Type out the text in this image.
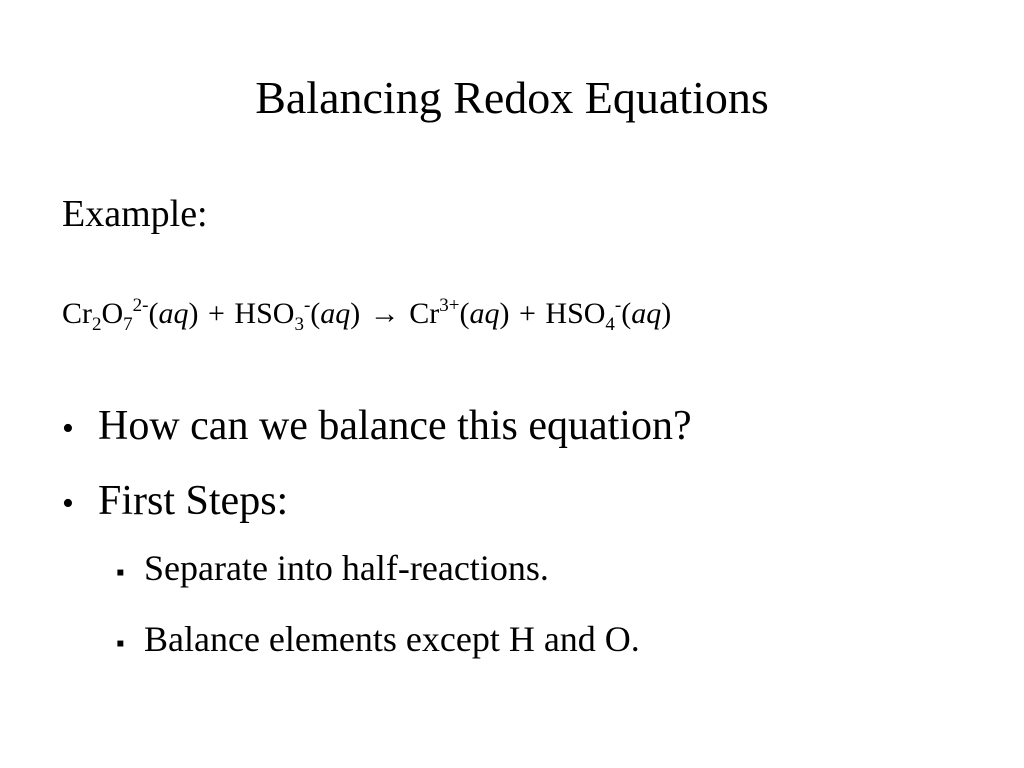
Balancing Redox Equations
Example:
$Cr_2O_7^{2-}(aq) + HSO_3^-(aq) \to Cr^{3+}(aq) + HSO_4^-(aq)$
• How can we balance this equation?
• First Steps:
▪ Separate into half-reactions.
▪ Balance elements except H and O.
